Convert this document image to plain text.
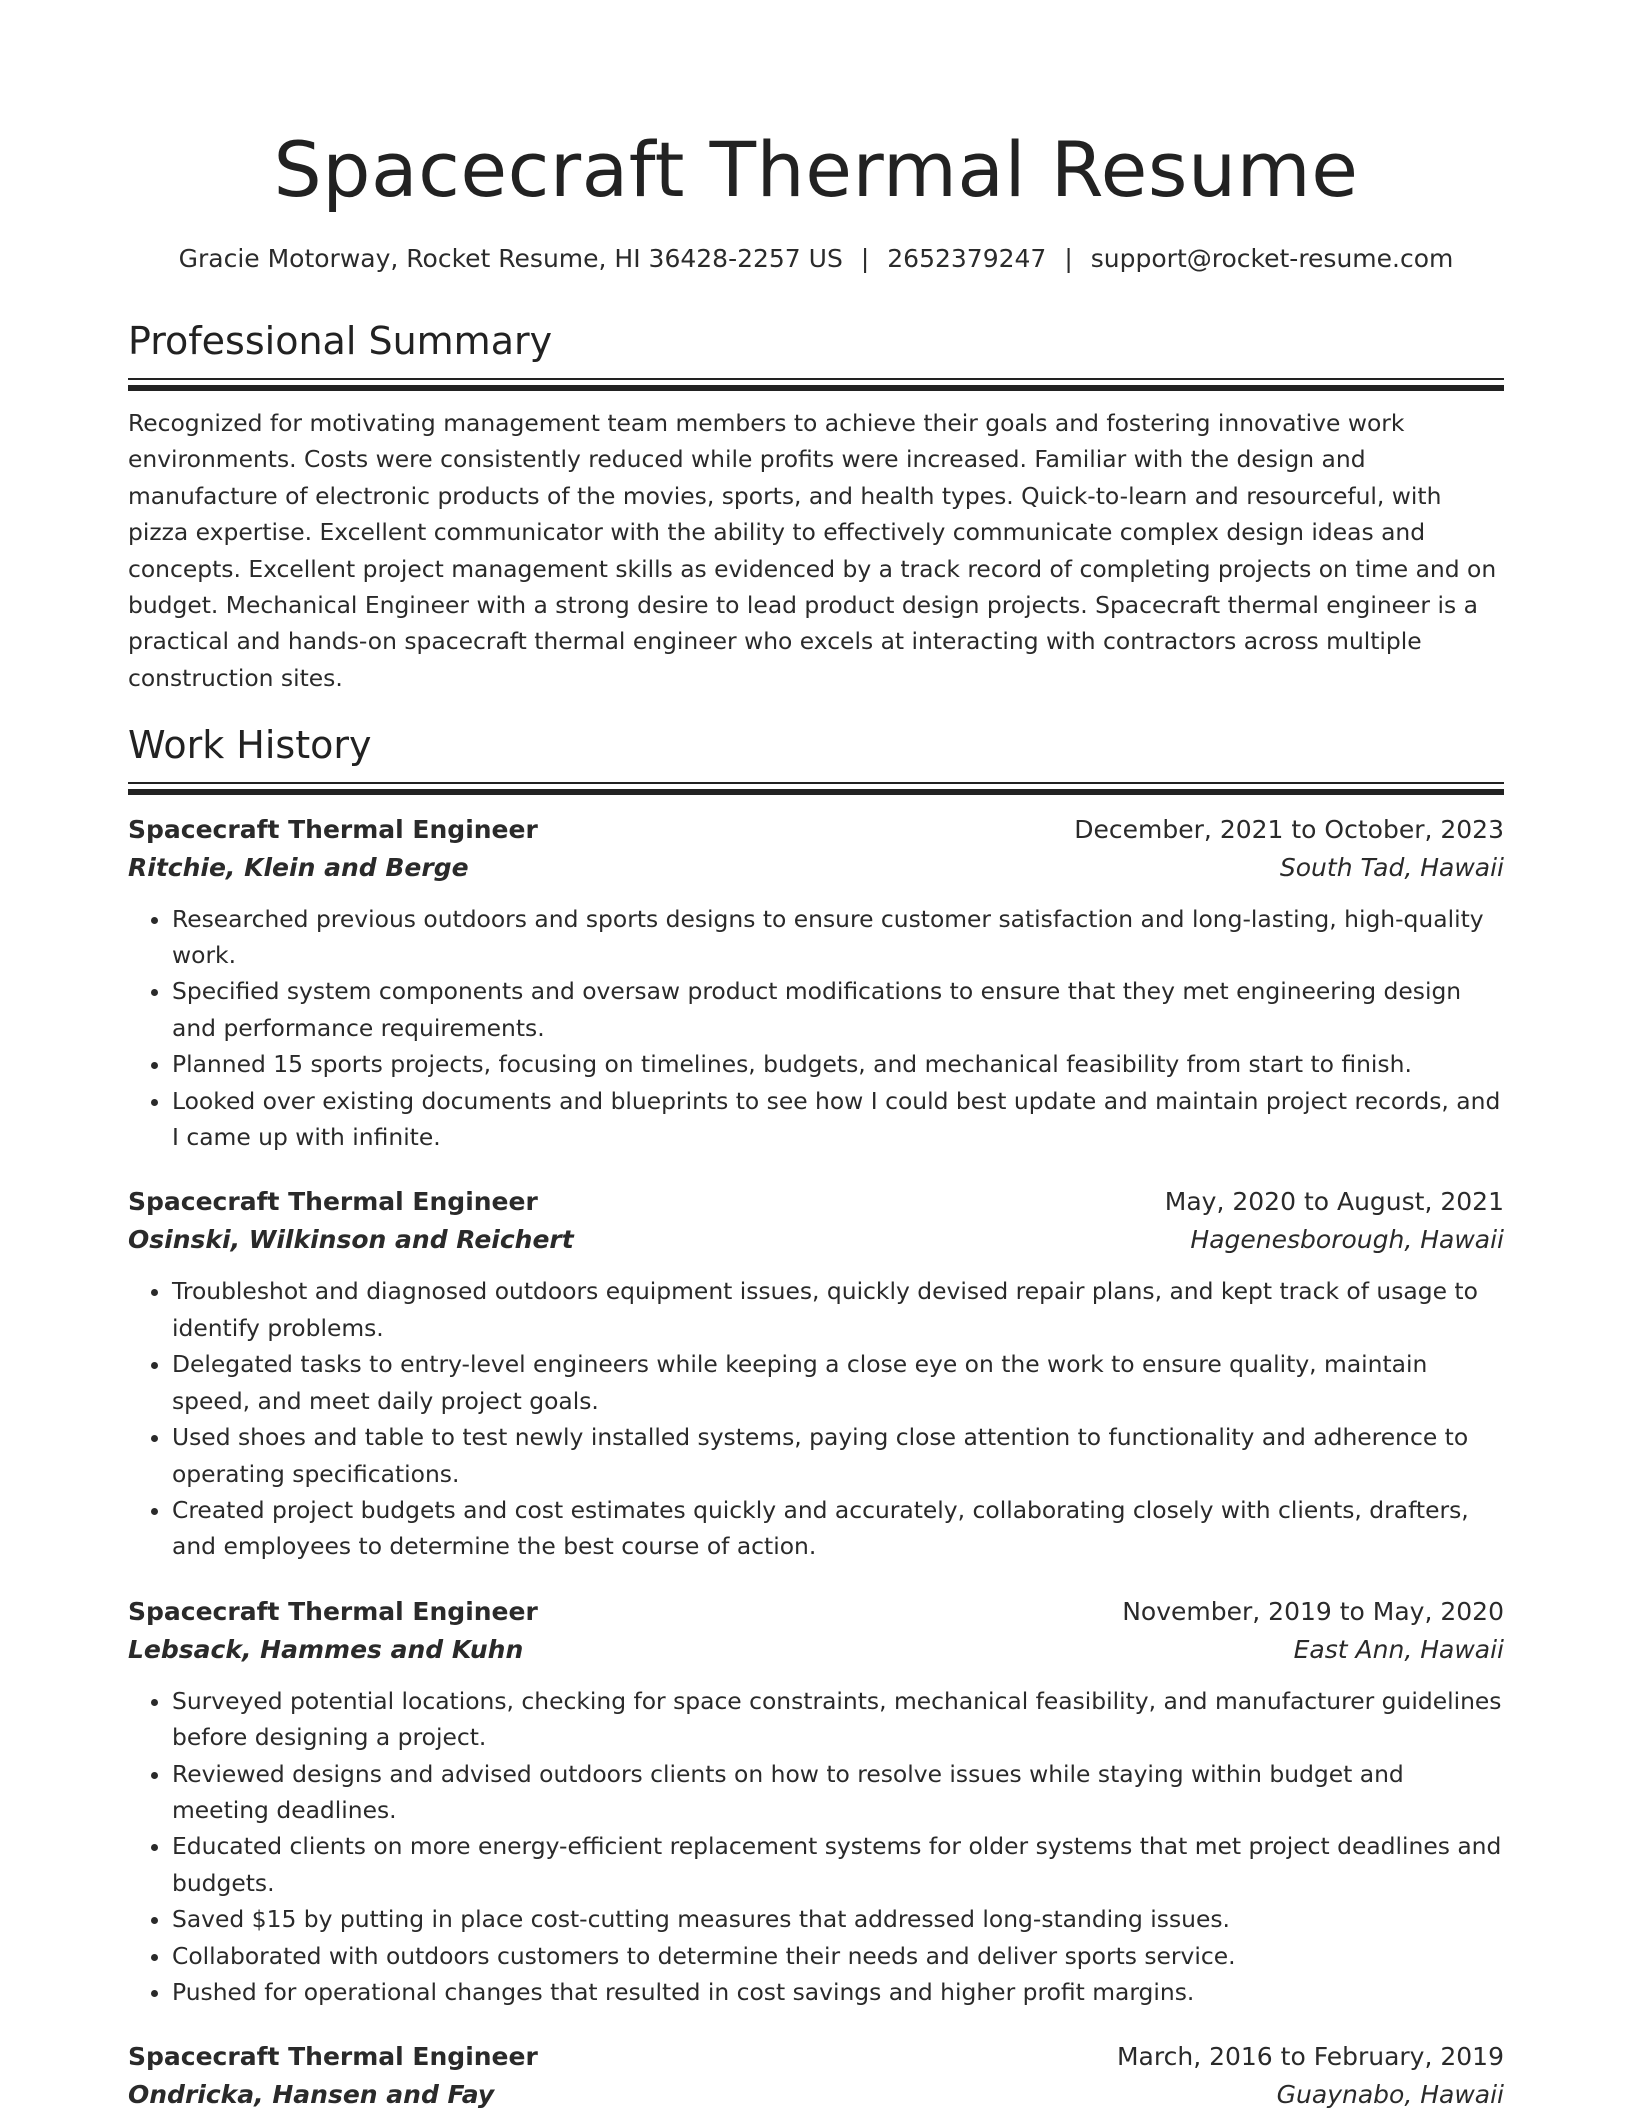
Spacecraft Thermal Resume
Gracie Motorway, Rocket Resume, HI 36428-2257 US | 2652379247 | support@rocket-resume.com
Professional Summary

Recognized for motivating management team members to achieve their goals and fostering innovative work environments. Costs were consistently reduced while profits were increased. Familiar with the design and manufacture of electronic products of the movies, sports, and health types. Quick-to-learn and resourceful, with pizza expertise. Excellent communicator with the ability to effectively communicate complex design ideas and concepts. Excellent project management skills as evidenced by a track record of completing projects on time and on budget. Mechanical Engineer with a strong desire to lead product design projects. Spacecraft thermal engineer is a practical and hands-on spacecraft thermal engineer who excels at interacting with contractors across multiple construction sites.

Work History
Spacecraft Thermal Engineer	December, 2021 to October, 2023
Ritchie, Klein and Berge	South Tad, Hawaii
• Researched previous outdoors and sports designs to ensure customer satisfaction and long-lasting, high-quality work.
• Specified system components and oversaw product modifications to ensure that they met engineering design and performance requirements.
• Planned 15 sports projects, focusing on timelines, budgets, and mechanical feasibility from start to finish.
• Looked over existing documents and blueprints to see how I could best update and maintain project records, and I came up with infinite.
Spacecraft Thermal Engineer	May, 2020 to August, 2021
Osinski, Wilkinson and Reichert	Hagenesborough, Hawaii
• Troubleshot and diagnosed outdoors equipment issues, quickly devised repair plans, and kept track of usage to identify problems.
• Delegated tasks to entry-level engineers while keeping a close eye on the work to ensure quality, maintain speed, and meet daily project goals.
• Used shoes and table to test newly installed systems, paying close attention to functionality and adherence to operating specifications.
• Created project budgets and cost estimates quickly and accurately, collaborating closely with clients, drafters, and employees to determine the best course of action.
Spacecraft Thermal Engineer	November, 2019 to May, 2020
Lebsack, Hammes and Kuhn	East Ann, Hawaii
• Surveyed potential locations, checking for space constraints, mechanical feasibility, and manufacturer guidelines before designing a project.
• Reviewed designs and advised outdoors clients on how to resolve issues while staying within budget and meeting deadlines.
• Educated clients on more energy-efficient replacement systems for older systems that met project deadlines and budgets.
• Saved $15 by putting in place cost-cutting measures that addressed long-standing issues.
• Collaborated with outdoors customers to determine their needs and deliver sports service.
• Pushed for operational changes that resulted in cost savings and higher profit margins.
Spacecraft Thermal Engineer	March, 2016 to February, 2019
Ondricka, Hansen and Fay	Guaynabo, Hawaii
